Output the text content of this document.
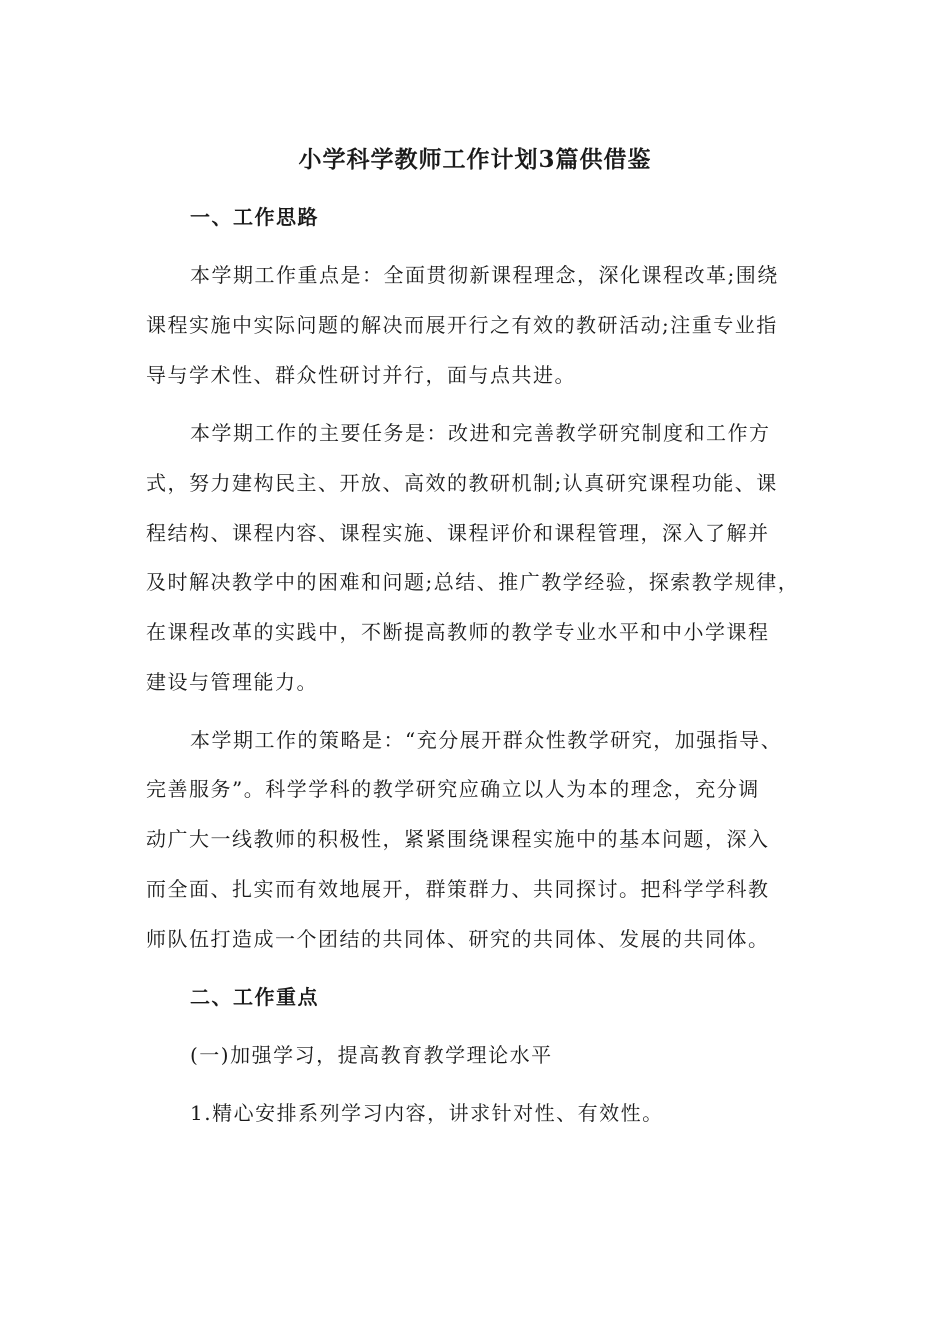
小学科学教师工作计划3篇供借鉴
一、工作思路
本学期工作重点是：全面贯彻新课程理念，深化课程改革;围绕
课程实施中实际问题的解决而展开行之有效的教研活动;注重专业指
导与学术性、群众性研讨并行，面与点共进。
本学期工作的主要任务是：改进和完善教学研究制度和工作方
式，努力建构民主、开放、高效的教研机制;认真研究课程功能、课
程结构、课程内容、课程实施、课程评价和课程管理，深入了解并
及时解决教学中的困难和问题;总结、推广教学经验，探索教学规律，
在课程改革的实践中，不断提高教师的教学专业水平和中小学课程
建设与管理能力。
本学期工作的策略是：“充分展开群众性教学研究，加强指导、
完善服务”。科学学科的教学研究应确立以人为本的理念，充分调
动广大一线教师的积极性，紧紧围绕课程实施中的基本问题，深入
而全面、扎实而有效地展开，群策群力、共同探讨。把科学学科教
师队伍打造成一个团结的共同体、研究的共同体、发展的共同体。
二、工作重点
(一)加强学习，提高教育教学理论水平
1.精心安排系列学习内容，讲求针对性、有效性。
